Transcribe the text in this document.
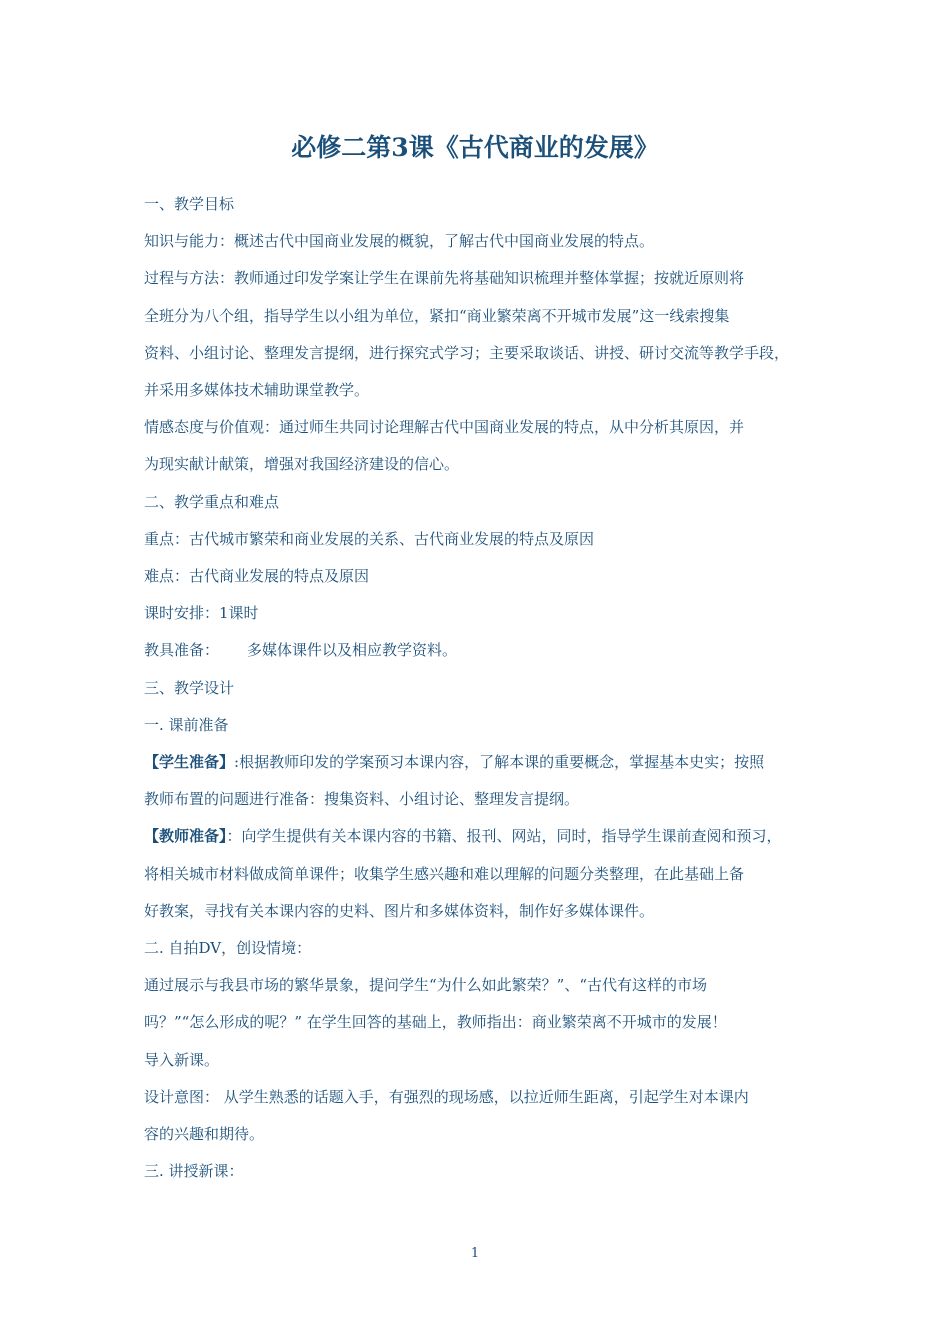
必修二第3课《古代商业的发展》

一、教学目标

知识与能力：概述古代中国商业发展的概貌，了解古代中国商业发展的特点。

过程与方法：教师通过印发学案让学生在课前先将基础知识梳理并整体掌握；按就近原则将

全班分为八个组，指导学生以小组为单位，紧扣“商业繁荣离不开城市发展”这一线索搜集

资料、小组讨论、整理发言提纲，进行探究式学习；主要采取谈话、讲授、研讨交流等教学手段，

并采用多媒体技术辅助课堂教学。

情感态度与价值观：通过师生共同讨论理解古代中国商业发展的特点，从中分析其原因，并

为现实献计献策，增强对我国经济建设的信心。

二、教学重点和难点

重点：古代城市繁荣和商业发展的关系、古代商业发展的特点及原因

难点：古代商业发展的特点及原因

课时安排：1课时

教具准备： 多媒体课件以及相应教学资料。

三、教学设计

一. 课前准备

【学生准备】:根据教师印发的学案预习本课内容，了解本课的重要概念，掌握基本史实；按照

教师布置的问题进行准备：搜集资料、小组讨论、整理发言提纲。

【教师准备】：向学生提供有关本课内容的书籍、报刊、网站，同时，指导学生课前查阅和预习，

将相关城市材料做成简单课件；收集学生感兴趣和难以理解的问题分类整理，在此基础上备

好教案，寻找有关本课内容的史料、图片和多媒体资料，制作好多媒体课件。

二. 自拍DV，创设情境：

通过展示与我县市场的繁华景象，提问学生“为什么如此繁荣？”、“古代有这样的市场

吗？”“怎么形成的呢？” 在学生回答的基础上，教师指出：商业繁荣离不开城市的发展！

导入新课。

设计意图： 从学生熟悉的话题入手，有强烈的现场感，以拉近师生距离，引起学生对本课内

容的兴趣和期待。

三. 讲授新课：

1
